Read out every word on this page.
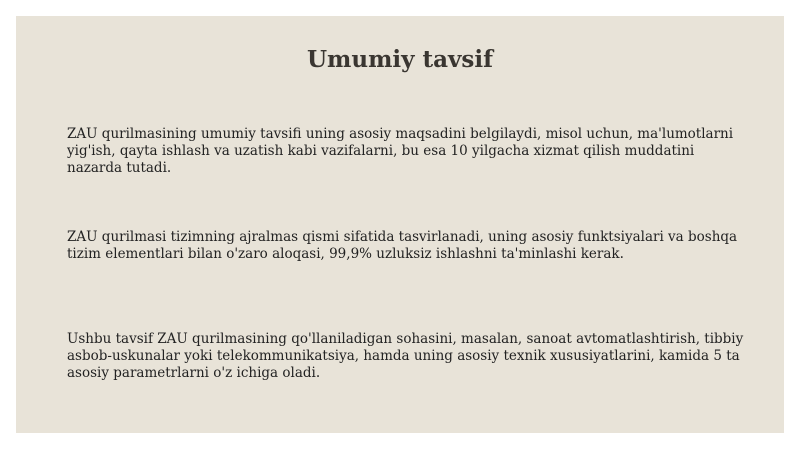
Umumiy tavsif

ZAU qurilmasining umumiy tavsifi uning asosiy maqsadini belgilaydi, misol uchun, ma'lumotlarni yig'ish, qayta ishlash va uzatish kabi vazifalarni, bu esa 10 yilgacha xizmat qilish muddatini nazarda tutadi.

ZAU qurilmasi tizimning ajralmas qismi sifatida tasvirlanadi, uning asosiy funktsiyalari va boshqa tizim elementlari bilan o'zaro aloqasi, 99,9% uzluksiz ishlashni ta'minlashi kerak.

Ushbu tavsif ZAU qurilmasining qo'llaniladigan sohasini, masalan, sanoat avtomatlashtirish, tibbiy asbob-uskunalar yoki telekommunikatsiya, hamda uning asosiy texnik xususiyatlarini, kamida 5 ta asosiy parametrlarni o'z ichiga oladi.
